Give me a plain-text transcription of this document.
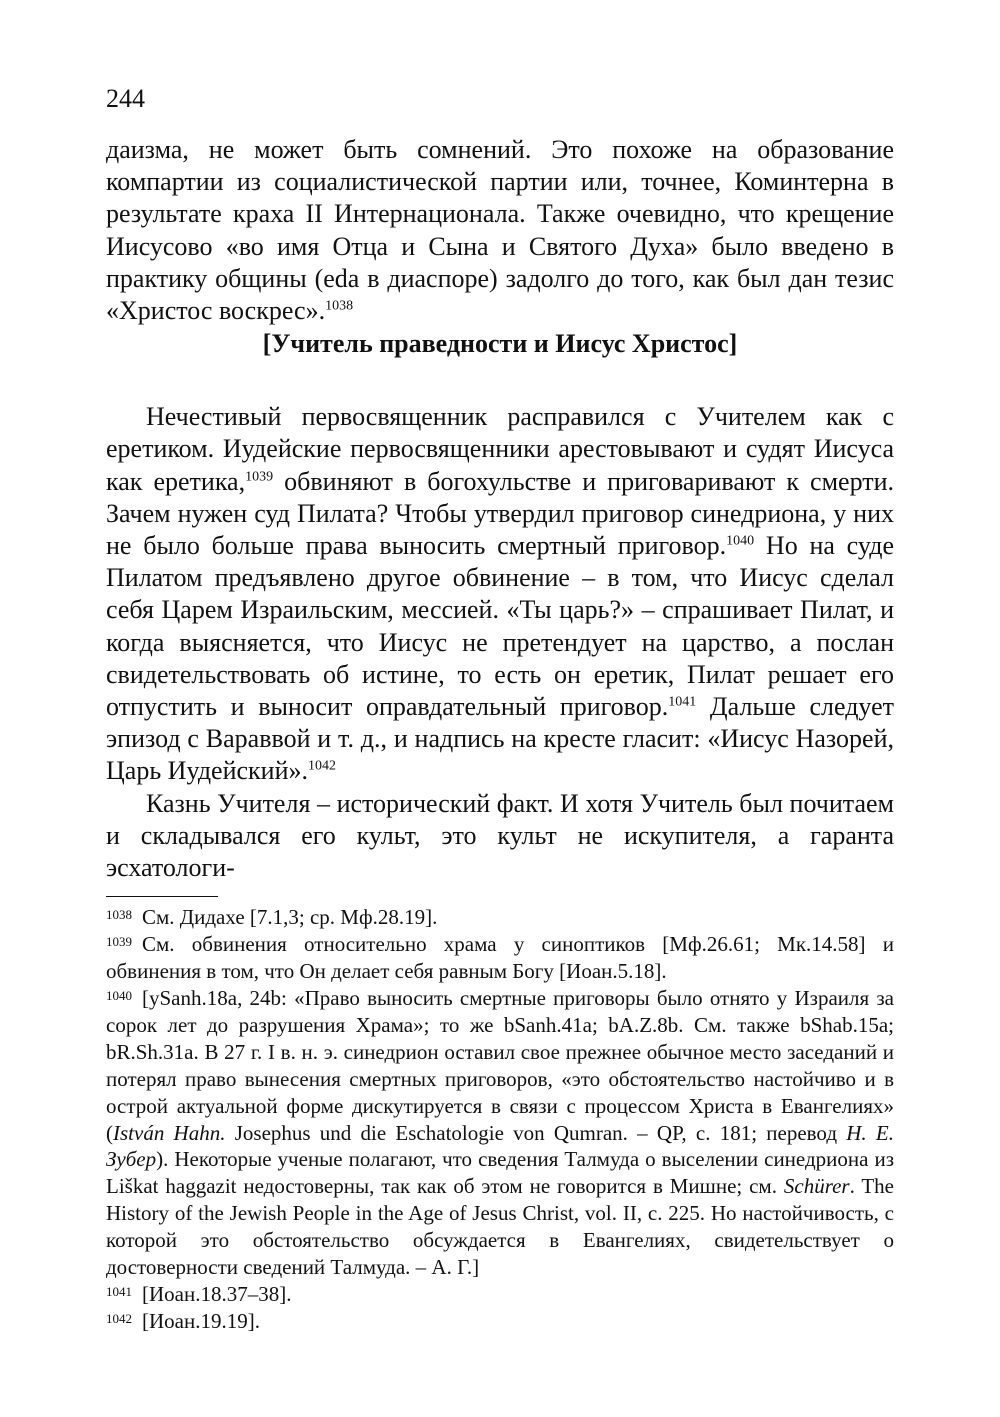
244

даизма, не может быть сомнений. Это похоже на образование компартии из социалистической партии или, точнее, Коминтерна в результате краха II Интернационала. Также очевидно, что крещение Иисусово «во имя Отца и Сына и Святого Духа» было введено в практику общины (eda в диаспоре) задолго до того, как был дан тезис «Христос воскрес».$^{1038}$

[Учитель праведности и Иисус Христос]

Нечестивый первосвященник расправился с Учителем как с еретиком. Иудейские первосвященники арестовывают и судят Иисуса как еретика,$^{1039}$ обвиняют в богохульстве и приговаривают к смерти. Зачем нужен суд Пилата? Чтобы утвердил приговор синедриона, у них не было больше права выносить смертный приговор.$^{1040}$ Но на суде Пилатом предъявлено другое обвинение – в том, что Иисус сделал себя Царем Израильским, мессией. «Ты царь?» – спрашивает Пилат, и когда выясняется, что Иисус не претендует на царство, а послан свидетельствовать об истине, то есть он еретик, Пилат решает его отпустить и выносит оправдательный приговор.$^{1041}$ Дальше следует эпизод с Вараввой и т. д., и надпись на кресте гласит: «Иисус Назорей, Царь Иудейский».$^{1042}$

Казнь Учителя – исторический факт. И хотя Учитель был почитаем и складывался его культ, это культ не искупителя, а гаранта эсхатологи-

1038 См. Дидахе [7.1,3; ср. Мф.28.19].

1039 См. обвинения относительно храма у синоптиков [Мф.26.61; Мк.14.58] и обвинения в том, что Он делает себя равным Богу [Иоан.5.18].

1040 [ySanh.18a, 24b: «Право выносить смертные приговоры было отнято у Израиля за сорок лет до разрушения Храма»; то же bSanh.41a; bA.Z.8b. См. также bShab.15a; bR.Sh.31a. В 27 г. I в. н. э. синедрион оставил свое прежнее обычное место заседаний и потерял право вынесения смертных приговоров, «это обстоятельство настойчиво и в острой актуальной форме дискутируется в связи с процессом Христа в Евангелиях» (István Hahn. Josephus und die Eschatologie von Qumran. – QP, c. 181; перевод Н. Е. Зубер). Некоторые ученые полагают, что сведения Талмуда о выселении синедриона из Liškat haggazit недостоверны, так как об этом не говорится в Мишне; см. Schürer. The History of the Jewish People in the Age of Jesus Christ, vol. II, c. 225. Но настойчивость, с которой это обстоятельство обсуждается в Евангелиях, свидетельствует о достоверности сведений Талмуда. – А. Г.]

1041 [Иоан.18.37–38].

1042 [Иоан.19.19].
